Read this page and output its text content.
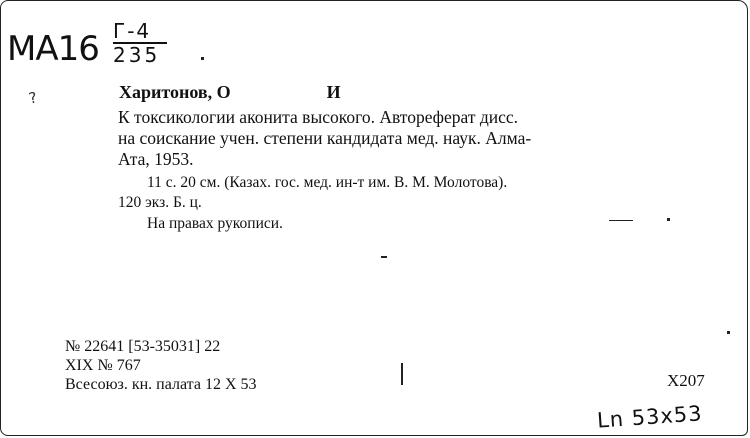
MA16 Г-4
235
?	Харитонов, О	И
К токсикологии аконита высокого. Автореферат дисс.
на соискание учен. степени кандидата мед. наук. Алма-
Ата, 1953.
11 с. 20 см. (Казах. гос. мед. ин-т им. В. М. Молотова).
120 экз. Б. ц.
На правах рукописи.
№ 22641 [53-35031] 22
XIX № 767
Всесоюз. кн. палата 12 X 53	X207
Ln 53x53
